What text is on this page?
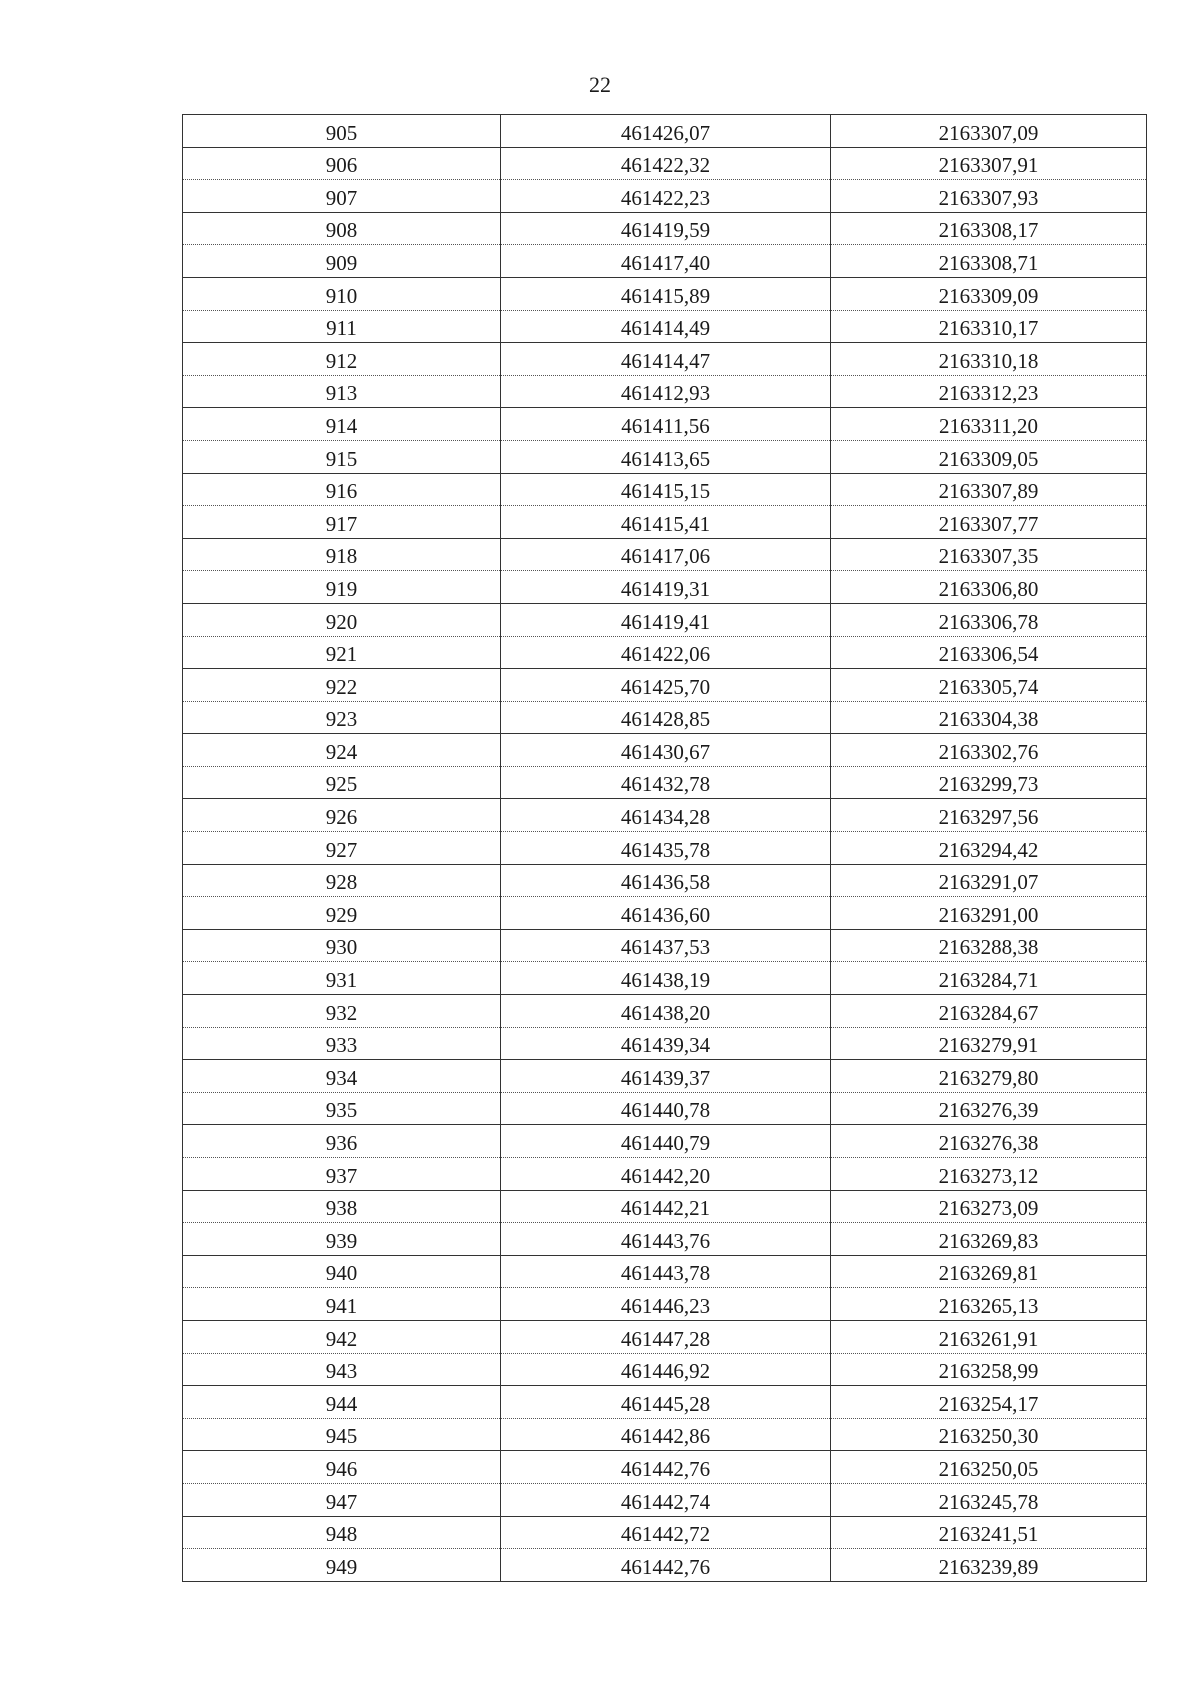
22
905	461426,07	2163307,09
906	461422,32	2163307,91
907	461422,23	2163307,93
908	461419,59	2163308,17
909	461417,40	2163308,71
910	461415,89	2163309,09
911	461414,49	2163310,17
912	461414,47	2163310,18
913	461412,93	2163312,23
914	461411,56	2163311,20
915	461413,65	2163309,05
916	461415,15	2163307,89
917	461415,41	2163307,77
918	461417,06	2163307,35
919	461419,31	2163306,80
920	461419,41	2163306,78
921	461422,06	2163306,54
922	461425,70	2163305,74
923	461428,85	2163304,38
924	461430,67	2163302,76
925	461432,78	2163299,73
926	461434,28	2163297,56
927	461435,78	2163294,42
928	461436,58	2163291,07
929	461436,60	2163291,00
930	461437,53	2163288,38
931	461438,19	2163284,71
932	461438,20	2163284,67
933	461439,34	2163279,91
934	461439,37	2163279,80
935	461440,78	2163276,39
936	461440,79	2163276,38
937	461442,20	2163273,12
938	461442,21	2163273,09
939	461443,76	2163269,83
940	461443,78	2163269,81
941	461446,23	2163265,13
942	461447,28	2163261,91
943	461446,92	2163258,99
944	461445,28	2163254,17
945	461442,86	2163250,30
946	461442,76	2163250,05
947	461442,74	2163245,78
948	461442,72	2163241,51
949	461442,76	2163239,89
